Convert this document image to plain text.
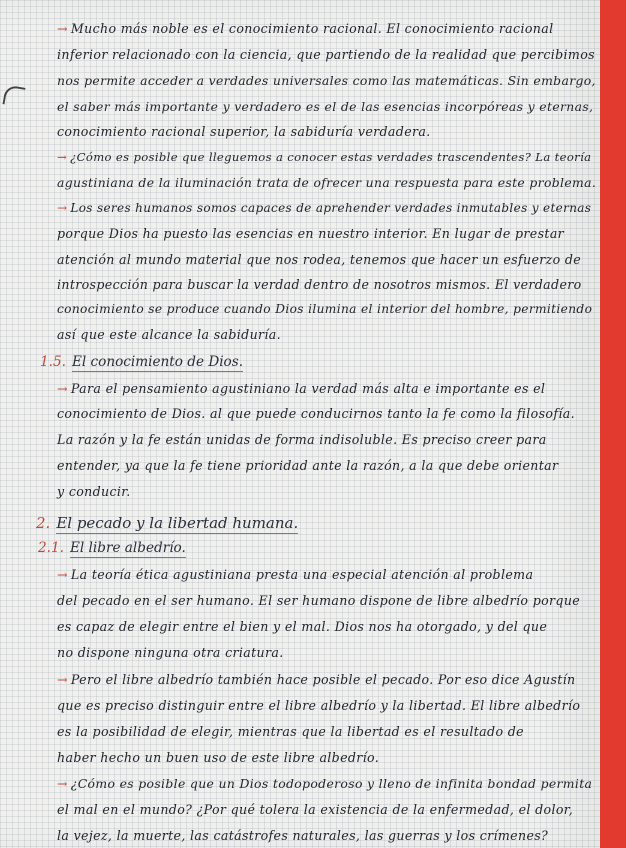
→ Mucho más noble es el conocimiento racional. El conocimiento racional
inferior relacionado con la ciencia, que partiendo de la realidad que percibimos
nos permite acceder a verdades universales como las matemáticas. Sin embargo,
el saber más importante y verdadero es el de las esencias incorpóreas y eternas,
conocimiento racional superior, la sabiduría verdadera.
→ ¿Cómo es posible que lleguemos a conocer estas verdades trascendentes? La teoría
agustiniana de la iluminación trata de ofrecer una respuesta para este problema.
→ Los seres humanos somos capaces de aprehender verdades inmutables y eternas
porque Dios ha puesto las esencias en nuestro interior. En lugar de prestar
atención al mundo material que nos rodea, tenemos que hacer un esfuerzo de
introspección para buscar la verdad dentro de nosotros mismos. El verdadero
conocimiento se produce cuando Dios ilumina el interior del hombre, permitiendo
así que este alcance la sabiduría.
1.5. El conocimiento de Dios.
→ Para el pensamiento agustiniano la verdad más alta e importante es el
conocimiento de Dios. al que puede conducirnos tanto la fe como la filosofía.
La razón y la fe están unidas de forma indisoluble. Es preciso creer para
entender, ya que la fe tiene prioridad ante la razón, a la que debe orientar
y conducir.
2. El pecado y la libertad humana.
2.1. El libre albedrío.
→ La teoría ética agustiniana presta una especial atención al problema
del pecado en el ser humano. El ser humano dispone de libre albedrío porque
es capaz de elegir entre el bien y el mal. Dios nos ha otorgado, y del que
no dispone ninguna otra criatura.
→ Pero el libre albedrío también hace posible el pecado. Por eso dice Agustín
que es preciso distinguir entre el libre albedrío y la libertad. El libre albedrío
es la posibilidad de elegir, mientras que la libertad es el resultado de
haber hecho un buen uso de este libre albedrío.
→ ¿Cómo es posible que un Dios todopoderoso y lleno de infinita bondad permita
el mal en el mundo? ¿Por qué tolera la existencia de la enfermedad, el dolor,
la vejez, la muerte, las catástrofes naturales, las guerras y los crímenes?
